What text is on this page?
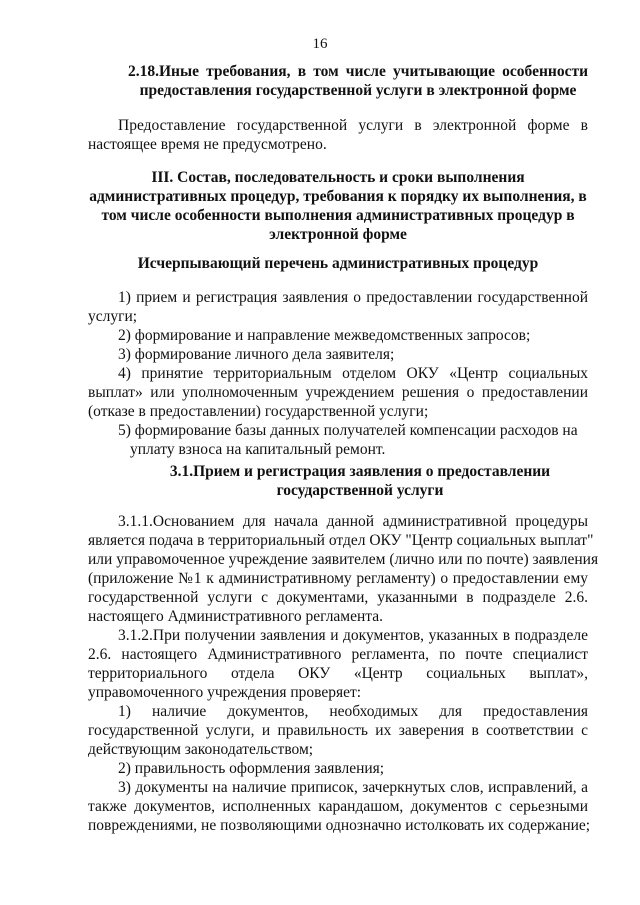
16
2.18.Иные требования, в том числе учитывающие особенности
предоставления государственной услуги в электронной форме
Предоставление государственной услуги в электронной форме в
настоящее время не предусмотрено.
III. Состав, последовательность и сроки выполнения
административных процедур, требования к порядку их выполнения, в
том числе особенности выполнения административных процедур в
электронной форме
Исчерпывающий перечень административных процедур
1) прием и регистрация заявления о предоставлении государственной
услуги;
2) формирование и направление межведомственных запросов;
3) формирование личного дела заявителя;
4) принятие территориальным отделом ОКУ «Центр социальных
выплат» или уполномоченным учреждением решения о предоставлении
(отказе в предоставлении) государственной услуги;
5) формирование базы данных получателей компенсации расходов на
уплату взноса на капитальный ремонт.
3.1.Прием и регистрация заявления о предоставлении
государственной услуги
3.1.1.Основанием для начала данной административной процедуры
является подача в территориальный отдел ОКУ "Центр социальных выплат"
или управомоченное учреждение заявителем (лично или по почте) заявления
(приложение №1 к административному регламенту) о предоставлении ему
государственной услуги с документами, указанными в подразделе 2.6.
настоящего Административного регламента.
3.1.2.При получении заявления и документов, указанных в подразделе
2.6. настоящего Административного регламента, по почте специалист
территориального отдела ОКУ «Центр социальных выплат»,
управомоченного учреждения проверяет:
1) наличие документов, необходимых для предоставления
государственной услуги, и правильность их заверения в соответствии с
действующим законодательством;
2) правильность оформления заявления;
3) документы на наличие приписок, зачеркнутых слов, исправлений, а
также документов, исполненных карандашом, документов с серьезными
повреждениями, не позволяющими однозначно истолковать их содержание;
